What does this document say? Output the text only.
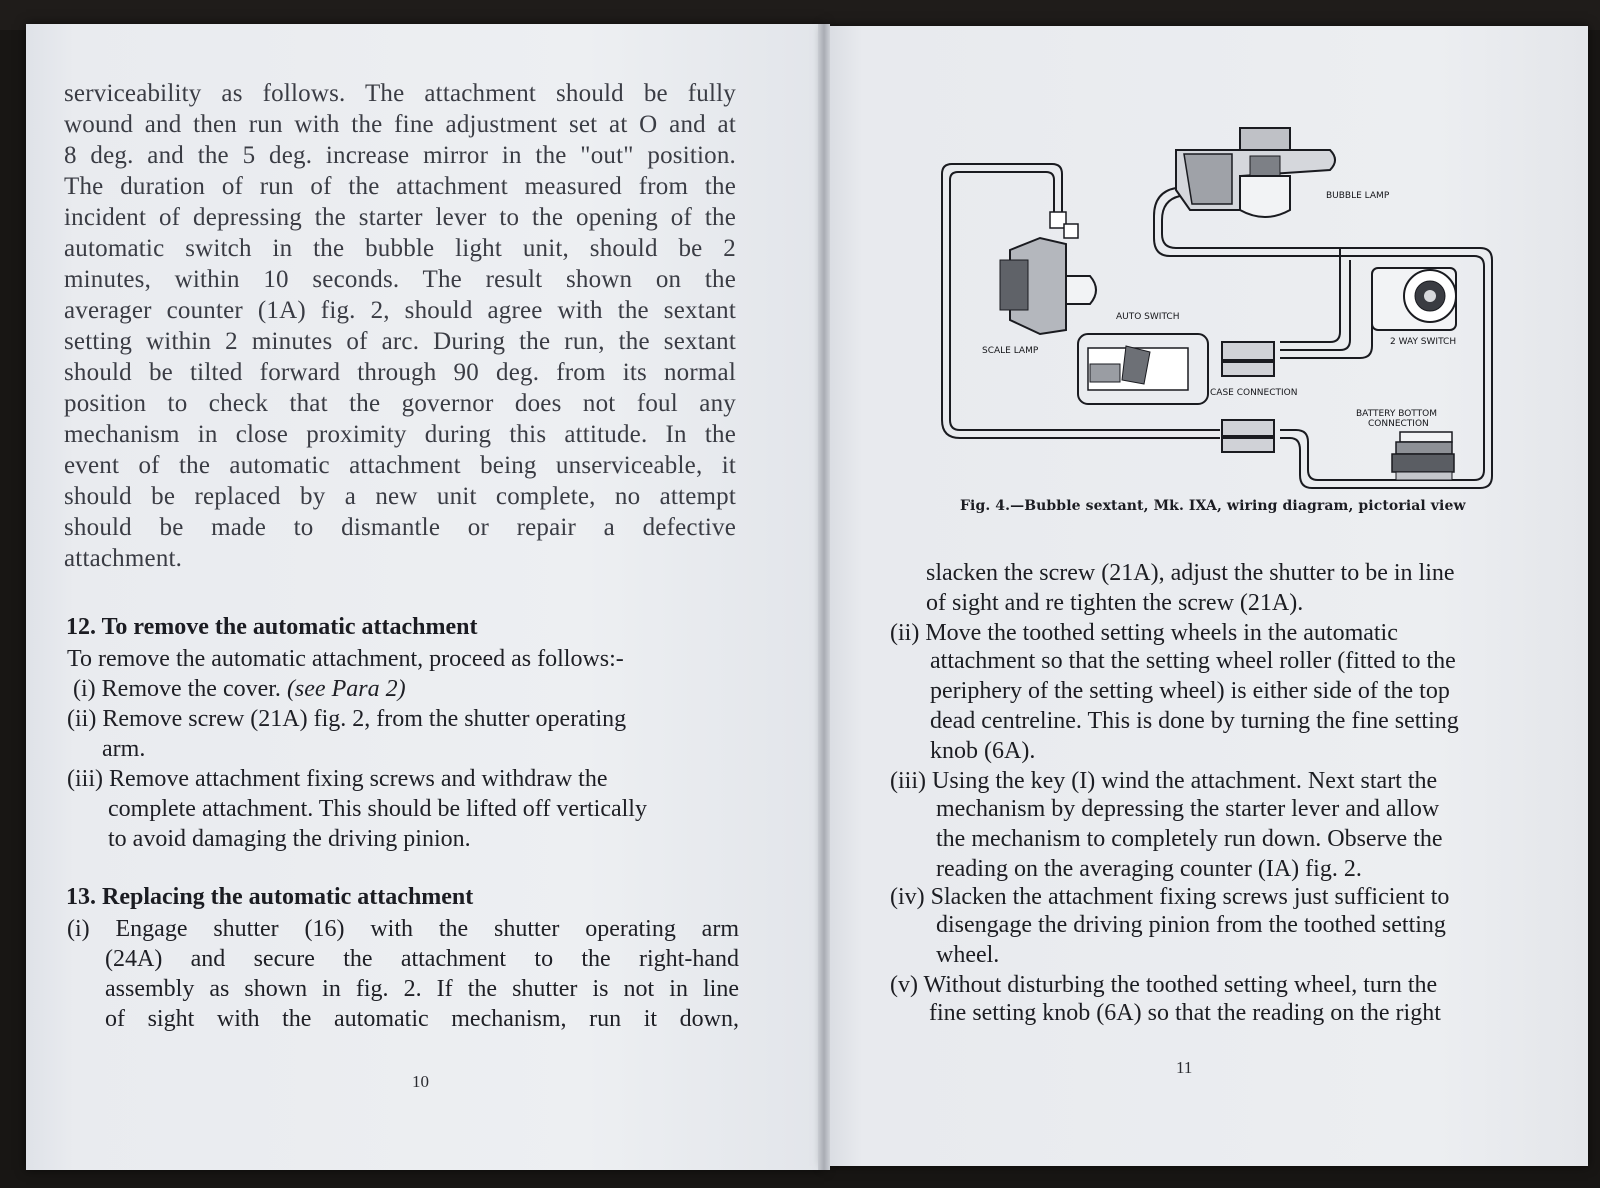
serviceability as follows. The attachment should be fully
wound and then run with the fine adjustment set at O and at
8 deg. and the 5 deg. increase mirror in the "out" position.
The duration of run of the attachment measured from the
incident of depressing the starter lever to the opening of the
automatic switch in the bubble light unit, should be 2
minutes, within 10 seconds. The result shown on the
averager counter (1A) fig. 2, should agree with the sextant
setting within 2 minutes of arc. During the run, the sextant
should be tilted forward through 90 deg. from its normal
position to check that the governor does not foul any
mechanism in close proximity during this attitude. In the
event of the automatic attachment being unserviceable, it
should be replaced by a new unit complete, no attempt
should be made to dismantle or repair a defective
attachment.
12. To remove the automatic attachment
To remove the automatic attachment, proceed as follows:-
(i) Remove the cover. (see Para 2)
(ii) Remove screw (21A) fig. 2, from the shutter operating
arm.
(iii) Remove attachment fixing screws and withdraw the
complete attachment. This should be lifted off vertically
to avoid damaging the driving pinion.
13. Replacing the automatic attachment
(i) Engage shutter (16) with the shutter operating arm
(24A) and secure the attachment to the right-hand
assembly as shown in fig. 2. If the shutter is not in line
of sight with the automatic mechanism, run it down,
10
BUBBLE LAMP
SCALE LAMP
AUTO SWITCH
CASE CONNECTION
2 WAY SWITCH
BATTERY BOTTOM
CONNECTION
Fig. 4.—Bubble sextant, Mk. IXA, wiring diagram, pictorial view
slacken the screw (21A), adjust the shutter to be in line
of sight and re tighten the screw (21A).
(ii) Move the toothed setting wheels in the automatic
attachment so that the setting wheel roller (fitted to the
periphery of the setting wheel) is either side of the top
dead centreline. This is done by turning the fine setting
knob (6A).
(iii) Using the key (I) wind the attachment. Next start the
mechanism by depressing the starter lever and allow
the mechanism to completely run down. Observe the
reading on the averaging counter (IA) fig. 2.
(iv) Slacken the attachment fixing screws just sufficient to
disengage the driving pinion from the toothed setting
wheel.
(v) Without disturbing the toothed setting wheel, turn the
fine setting knob (6A) so that the reading on the right
11
